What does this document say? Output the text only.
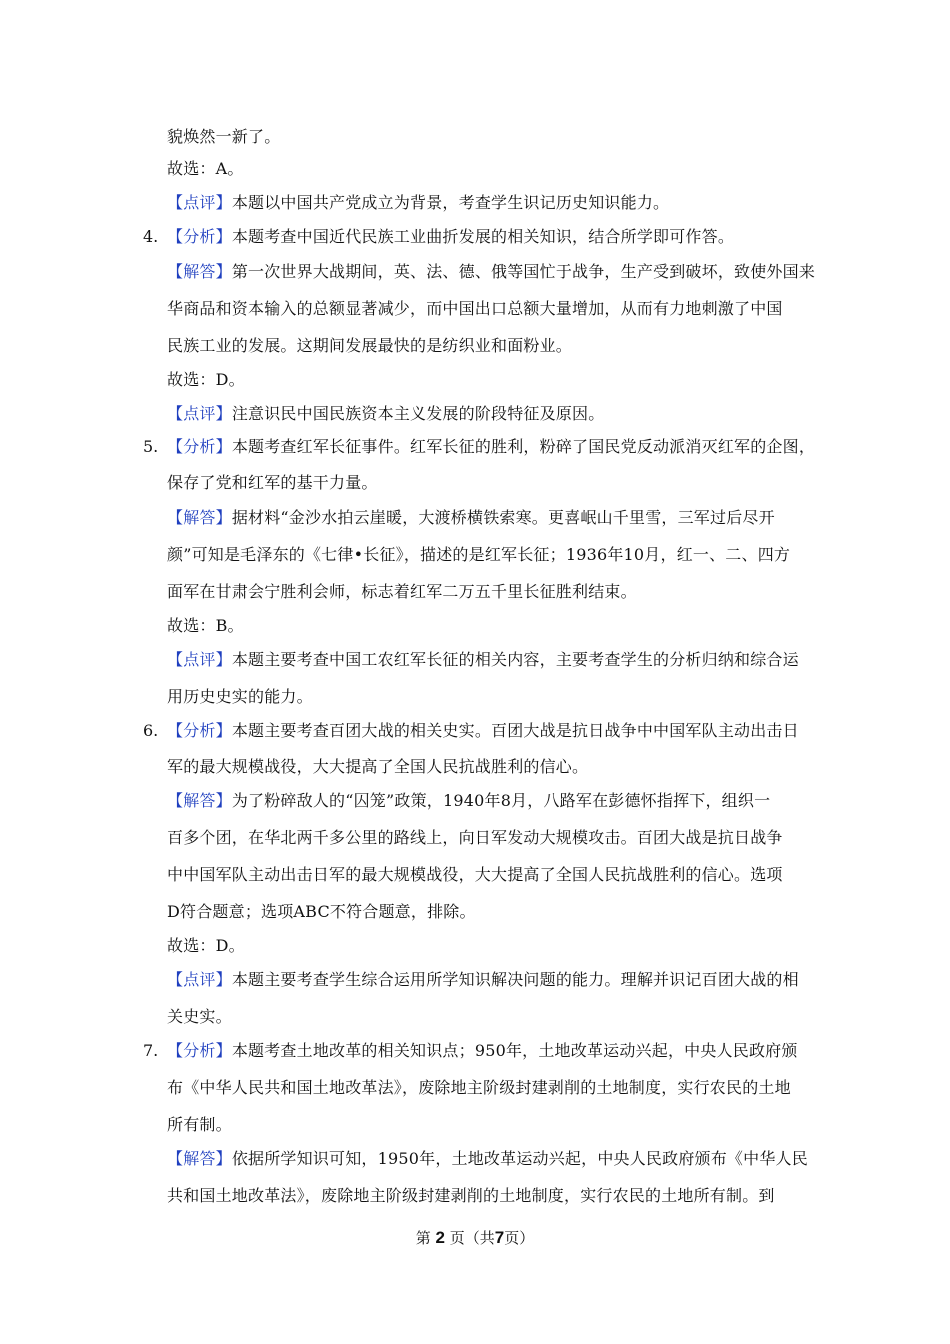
貌焕然一新了。
故选：A。
【点评】本题以中国共产党成立为背景，考查学生识记历史知识能力。
4. 【分析】本题考查中国近代民族工业曲折发展的相关知识，结合所学即可作答。
【解答】第一次世界大战期间，英、法、德、俄等国忙于战争，生产受到破坏，致使外国来
华商品和资本输入的总额显著减少，而中国出口总额大量增加，从而有力地刺激了中国
民族工业的发展。这期间发展最快的是纺织业和面粉业。
故选：D。
【点评】注意识民中国民族资本主义发展的阶段特征及原因。
5. 【分析】本题考查红军长征事件。红军长征的胜利，粉碎了国民党反动派消灭红军的企图，
保存了党和红军的基干力量。
【解答】据材料“金沙水拍云崖暖，大渡桥横铁索寒。更喜岷山千里雪，三军过后尽开
颜”可知是毛泽东的《七律•长征》，描述的是红军长征；1936年10月，红一、二、四方
面军在甘肃会宁胜利会师，标志着红军二万五千里长征胜利结束。
故选：B。
【点评】本题主要考查中国工农红军长征的相关内容，主要考查学生的分析归纳和综合运
用历史史实的能力。
6. 【分析】本题主要考查百团大战的相关史实。百团大战是抗日战争中中国军队主动出击日
军的最大规模战役，大大提高了全国人民抗战胜利的信心。
【解答】为了粉碎敌人的“囚笼”政策，1940年8月，八路军在彭德怀指挥下，组织一
百多个团，在华北两千多公里的路线上，向日军发动大规模攻击。百团大战是抗日战争
中中国军队主动出击日军的最大规模战役，大大提高了全国人民抗战胜利的信心。选项
D符合题意；选项ABC不符合题意，排除。
故选：D。
【点评】本题主要考查学生综合运用所学知识解决问题的能力。理解并识记百团大战的相
关史实。
7. 【分析】本题考查土地改革的相关知识点；950年，土地改革运动兴起，中央人民政府颁
布《中华人民共和国土地改革法》，废除地主阶级封建剥削的土地制度，实行农民的土地
所有制。
【解答】依据所学知识可知，1950年，土地改革运动兴起，中央人民政府颁布《中华人民
共和国土地改革法》，废除地主阶级封建剥削的土地制度，实行农民的土地所有制。到
第 2 页（共7页）
